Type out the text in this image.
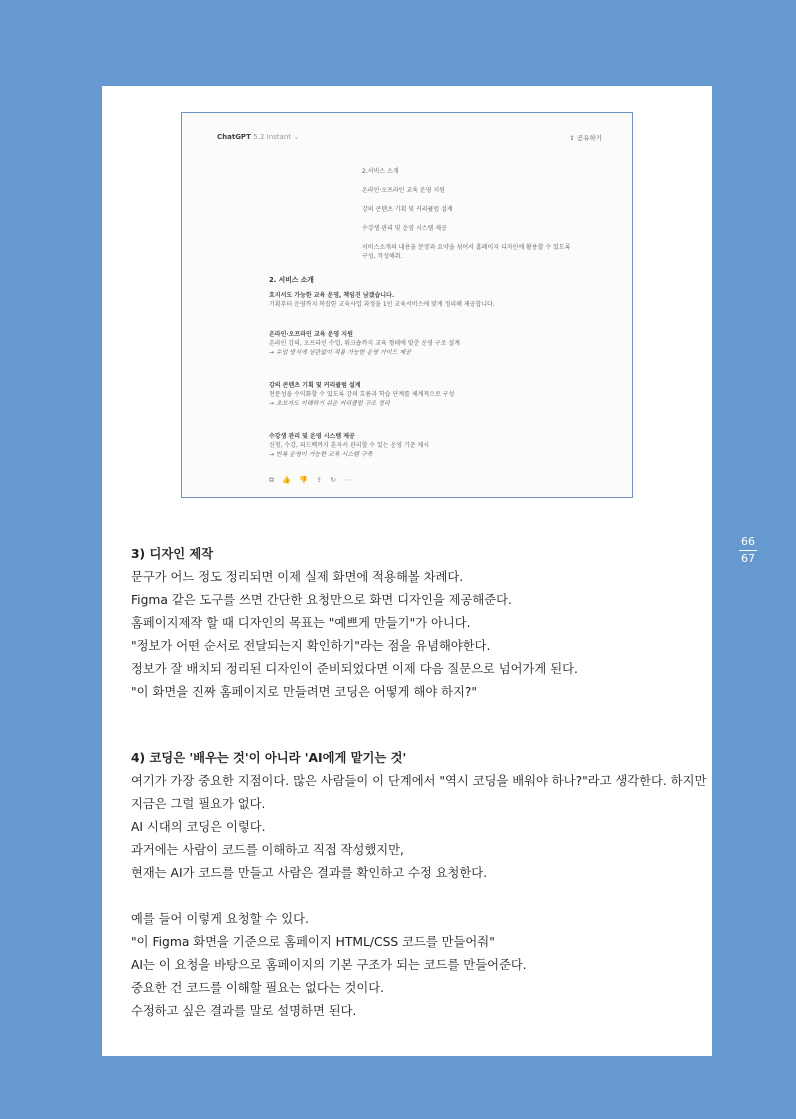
ChatGPT 5.2 Instant ⌄	⇪ 공유하기
2.서비스 소개
온라인·오프라인 교육 운영 지원
강의 콘텐츠 기획 및 커리큘럼 설계
수강생 관리 및 운영 시스템 제공
서비스소개의 내용을 문장과 요약을 섞어서 홈페이지 디자인에 활용할 수 있도록 구성, 작성해줘.
2. 서비스 소개
흐지서도 가능한 교육 운영, 책임진 남겠습니다.
기획부터 운영까지 복잡한 교육사업 과정을 1인 교육서비스에 맞게 정리해 제공합니다.
온라인·오프라인 교육 운영 지원
온라인 강의, 오프라인 수업, 워크숍까지 교육 형태에 맞춘 운영 구조 설계
→ 수업 방식에 상관없이 적용 가능한 운영 가이드 제공
강의 콘텐츠 기획 및 커리큘럼 설계
전문성을 수익화할 수 있도록 강의 흐름과 학습 단계를 체계적으로 구성
→ 초보자도 이해하기 쉬운 커리큘럼 구조 정리
수강생 관리 및 운영 시스템 제공
신청, 수강, 피드백까지 혼자서 관리할 수 있는 운영 기준 제시
→ 반복 운영이 가능한 교육 시스템 구축
⧉ 👍 👎 ⇪ ↻ ⋯
66
67
3) 디자인 제작
문구가 어느 정도 정리되면 이제 실제 화면에 적용해볼 차례다.
Figma 같은 도구를 쓰면 간단한 요청만으로 화면 디자인을 제공해준다.
홈페이지제작 할 때 디자인의 목표는 "예쁘게 만들기"가 아니다.
"정보가 어떤 순서로 전달되는지 확인하기"라는 점을 유념해야한다.
정보가 잘 배치되 정리된 디자인이 준비되었다면 이제 다음 질문으로 넘어가게 된다.
"이 화면을 진짜 홈페이지로 만들려면 코딩은 어떻게 해야 하지?"
4) 코딩은 '배우는 것'이 아니라 'AI에게 맡기는 것'
여기가 가장 중요한 지점이다. 많은 사람들이 이 단계에서 "역시 코딩을 배워야 하나?"라고 생각한다. 하지만
지금은 그럴 필요가 없다.
AI 시대의 코딩은 이렇다.
과거에는 사람이 코드를 이해하고 직접 작성했지만,
현재는 AI가 코드를 만들고 사람은 결과를 확인하고 수정 요청한다.
예를 들어 이렇게 요청할 수 있다.
"이 Figma 화면을 기준으로 홈페이지 HTML/CSS 코드를 만들어줘"
AI는 이 요청을 바탕으로 홈페이지의 기본 구조가 되는 코드를 만들어준다.
중요한 건 코드를 이해할 필요는 없다는 것이다.
수정하고 싶은 결과를 말로 설명하면 된다.
